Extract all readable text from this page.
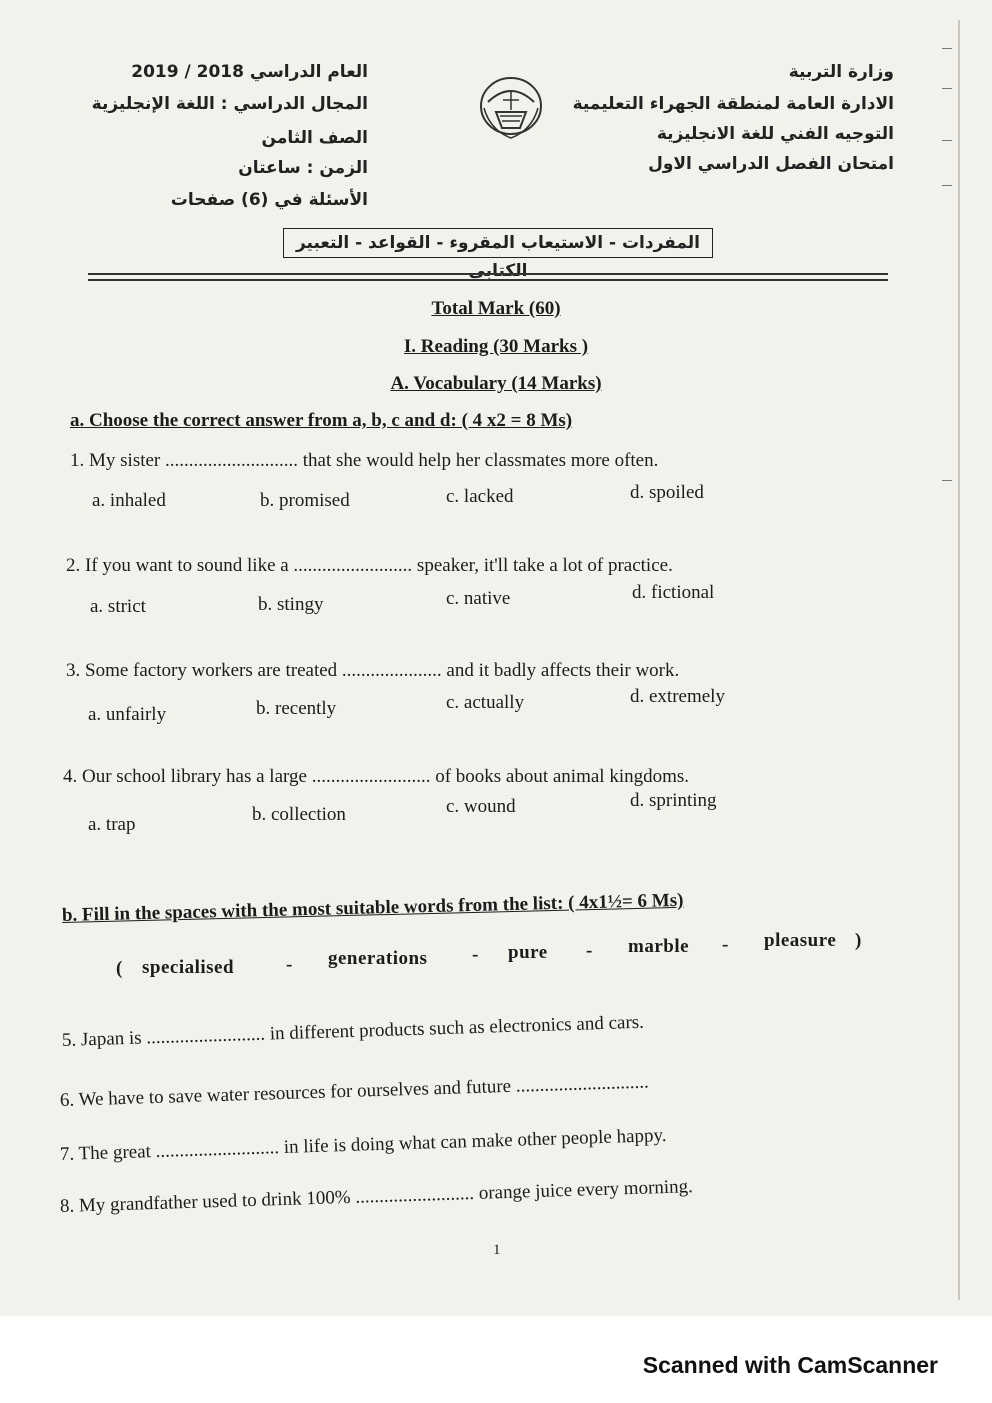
وزارة التربية
الادارة العامة لمنطقة الجهراء التعليمية
التوجيه الفني للغة الانجليزية
امتحان الفصل الدراسي الاول
العام الدراسي 2018 / 2019
المجال الدراسي : اللغة الإنجليزية
الصف الثامن
الزمن : ساعتان
الأسئلة في (6) صفحات
المفردات - الاستيعاب المقروء - القواعد - التعبير الكتابي
Total Mark (60)
I. Reading (30 Marks )
A. Vocabulary (14 Marks)
a. Choose the correct answer from a, b, c and d: ( 4 x2 = 8 Ms)
1. My sister ............................ that she would help her classmates more often.
a. inhaled	b. promised	c. lacked	d. spoiled
2. If you want to sound like a ......................... speaker, it'll take a lot of practice.
a. strict	b. stingy	c. native	d. fictional
3. Some factory workers are treated ..................... and it badly affects their work.
a. unfairly	b. recently	c. actually	d. extremely
4. Our school library has a large ......................... of books about animal kingdoms.
a. trap	b. collection	c. wound	d. sprinting
b. Fill in the spaces with the most suitable words from the list: ( 4x1½= 6 Ms)
( specialised	- generations - pure - marble - pleasure )
5. Japan is ......................... in different products such as electronics and cars.
6. We have to save water resources for ourselves and future ............................
7. The great .......................... in life is doing what can make other people happy.
8. My grandfather used to drink 100% ......................... orange juice every morning.
1
Scanned with CamScanner
